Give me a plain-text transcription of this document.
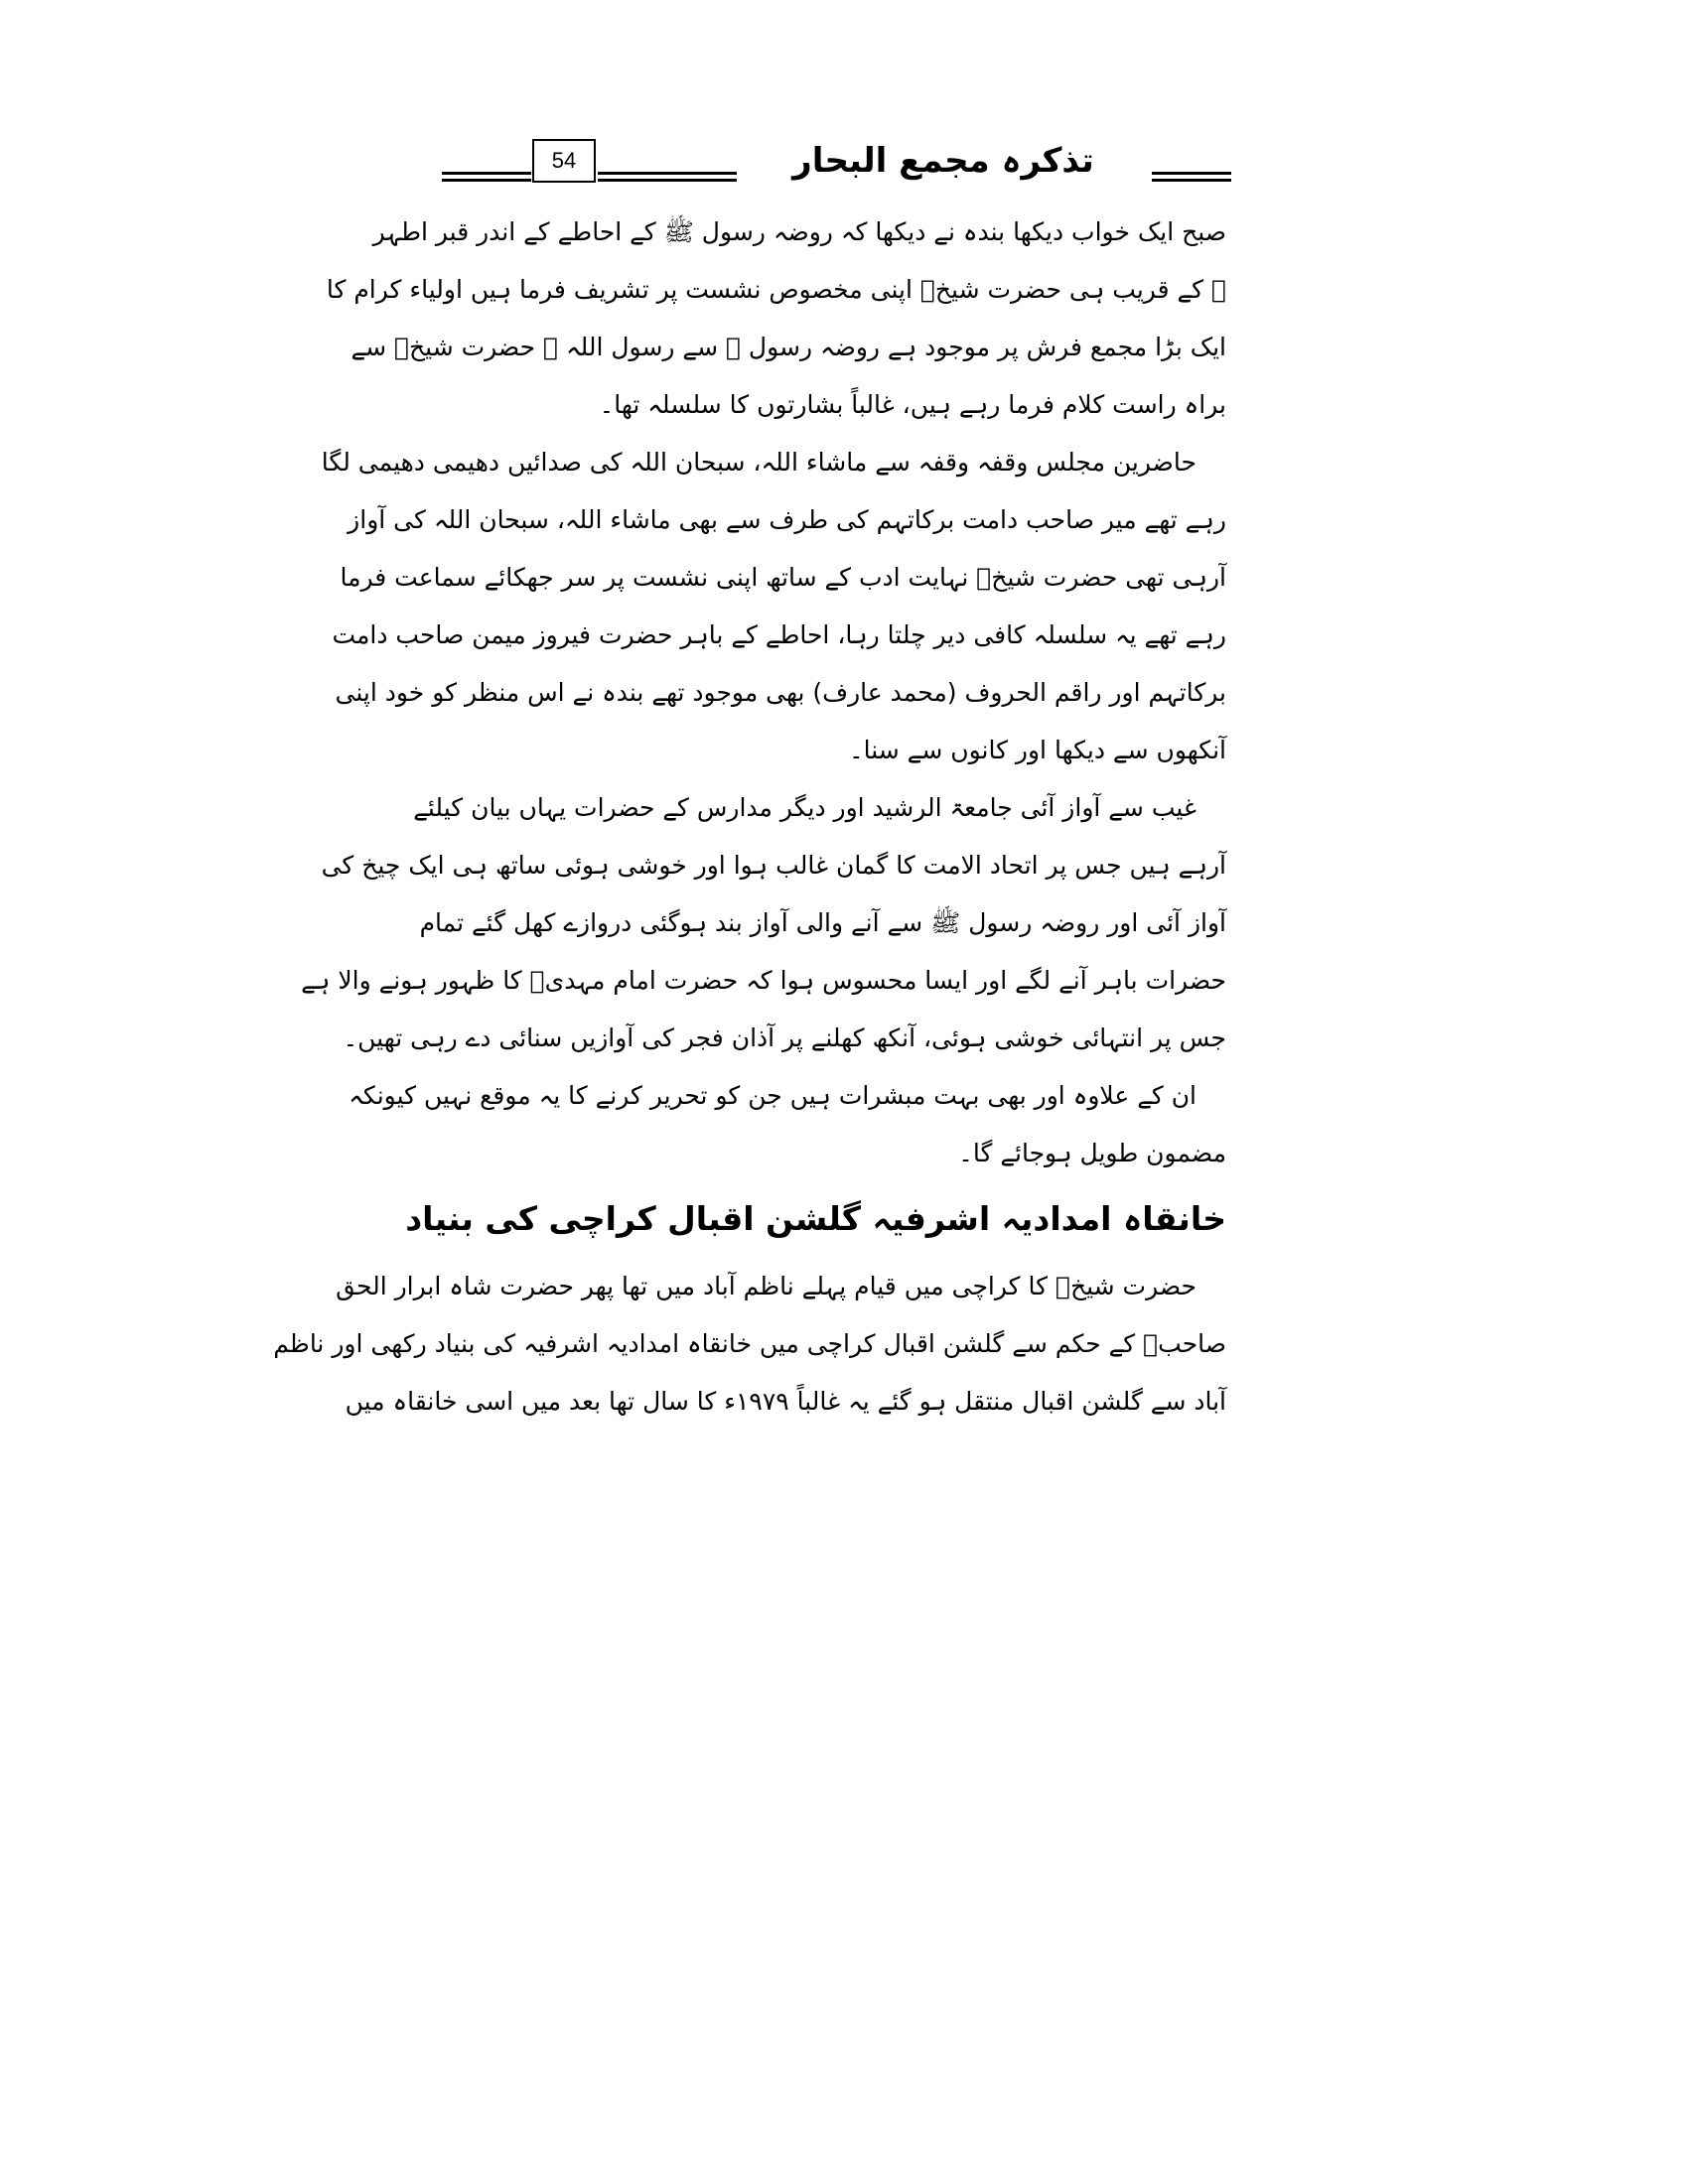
54	تذکرہ مجمع البحار
صبح ایک خواب دیکھا بندہ نے دیکھا کہ روضہ رسول ﷺ کے احاطے کے اندر قبر اطہر
ﷺ کے قریب ہی حضرت شیخؒ اپنی مخصوص نشست پر تشریف فرما ہیں اولیاء کرام کا
ایک بڑا مجمع فرش پر موجود ہے روضہ رسول ﷺ سے رسول اللہ ﷺ حضرت شیخؒ سے
براہ راست کلام فرما رہے ہیں، غالباً بشارتوں کا سلسلہ تھا۔
حاضرین مجلس وقفہ وقفہ سے ماشاء اللہ، سبحان اللہ کی صدائیں دھیمی دھیمی لگا
رہے تھے میر صاحب دامت برکاتہم کی طرف سے بھی ماشاء اللہ، سبحان اللہ کی آواز
آرہی تھی حضرت شیخؒ نہایت ادب کے ساتھ اپنی نشست پر سر جھکائے سماعت فرما
رہے تھے یہ سلسلہ کافی دیر چلتا رہا، احاطے کے باہر حضرت فیروز میمن صاحب دامت
برکاتہم اور راقم الحروف (محمد عارف) بھی موجود تھے بندہ نے اس منظر کو خود اپنی
آنکھوں سے دیکھا اور کانوں سے سنا۔
غیب سے آواز آئی جامعۃ الرشید اور دیگر مدارس کے حضرات یہاں بیان کیلئے
آرہے ہیں جس پر اتحاد الامت کا گمان غالب ہوا اور خوشی ہوئی ساتھ ہی ایک چیخ کی
آواز آئی اور روضہ رسول ﷺ سے آنے والی آواز بند ہوگئی دروازے کھل گئے تمام
حضرات باہر آنے لگے اور ایسا محسوس ہوا کہ حضرت امام مہدیؑ کا ظہور ہونے والا ہے
جس پر انتہائی خوشی ہوئی، آنکھ کھلنے پر آذان فجر کی آوازیں سنائی دے رہی تھیں۔
ان کے علاوہ اور بھی بہت مبشرات ہیں جن کو تحریر کرنے کا یہ موقع نہیں کیونکہ
مضمون طویل ہوجائے گا۔
خانقاہ امدادیہ اشرفیہ گلشن اقبال کراچی کی بنیاد
حضرت شیخؒ کا کراچی میں قیام پہلے ناظم آباد میں تھا پھر حضرت شاہ ابرار الحق
صاحبؒ کے حکم سے گلشن اقبال کراچی میں خانقاہ امدادیہ اشرفیہ کی بنیاد رکھی اور ناظم
آباد سے گلشن اقبال منتقل ہو گئے یہ غالباً ۱۹۷۹ء کا سال تھا بعد میں اسی خانقاہ میں
